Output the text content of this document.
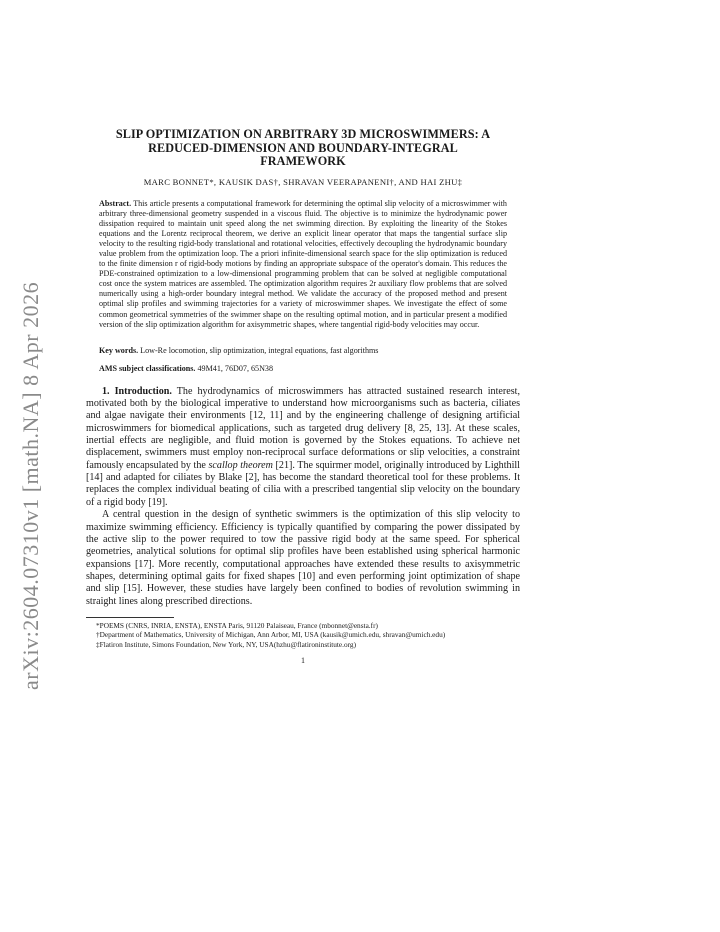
arXiv:2604.07310v1 [math.NA] 8 Apr 2026
SLIP OPTIMIZATION ON ARBITRARY 3D MICROSWIMMERS: A
REDUCED-DIMENSION AND BOUNDARY-INTEGRAL
FRAMEWORK
MARC BONNET*, KAUSIK DAS†, SHRAVAN VEERAPANENI†, AND HAI ZHU‡
Abstract. This article presents a computational framework for determining the optimal slip velocity of a microswimmer with arbitrary three-dimensional geometry suspended in a viscous fluid. The objective is to minimize the hydrodynamic power dissipation required to maintain unit speed along the net swimming direction. By exploiting the linearity of the Stokes equations and the Lorentz reciprocal theorem, we derive an explicit linear operator that maps the tangential surface slip velocity to the resulting rigid-body translational and rotational velocities, effectively decoupling the hydrodynamic boundary value problem from the optimization loop. The a priori infinite-dimensional search space for the slip optimization is reduced to the finite dimension r of rigid-body motions by finding an appropriate subspace of the operator's domain. This reduces the PDE-constrained optimization to a low-dimensional programming problem that can be solved at negligible computational cost once the system matrices are assembled. The optimization algorithm requires 2r auxiliary flow problems that are solved numerically using a high-order boundary integral method. We validate the accuracy of the proposed method and present optimal slip profiles and swimming trajectories for a variety of microswimmer shapes. We investigate the effect of some common geometrical symmetries of the swimmer shape on the resulting optimal motion, and in particular present a modified version of the slip optimization algorithm for axisymmetric shapes, where tangential rigid-body velocities may occur.
Key words. Low-Re locomotion, slip optimization, integral equations, fast algorithms
AMS subject classifications. 49M41, 76D07, 65N38

1. Introduction. The hydrodynamics of microswimmers has attracted sustained research interest, motivated both by the biological imperative to understand how microorganisms such as bacteria, ciliates and algae navigate their environments [12, 11] and by the engineering challenge of designing artificial microswimmers for biomedical applications, such as targeted drug delivery [8, 25, 13]. At these scales, inertial effects are negligible, and fluid motion is governed by the Stokes equations. To achieve net displacement, swimmers must employ non-reciprocal surface deformations or slip velocities, a constraint famously encapsulated by the scallop theorem [21]. The squirmer model, originally introduced by Lighthill [14] and adapted for ciliates by Blake [2], has become the standard theoretical tool for these problems. It replaces the complex individual beating of cilia with a prescribed tangential slip velocity on the boundary of a rigid body [19].

A central question in the design of synthetic swimmers is the optimization of this slip velocity to maximize swimming efficiency. Efficiency is typically quantified by comparing the power dissipated by the active slip to the power required to tow the passive rigid body at the same speed. For spherical geometries, analytical solutions for optimal slip profiles have been established using spherical harmonic expansions [17]. More recently, computational approaches have extended these results to axisymmetric shapes, determining optimal gaits for fixed shapes [10] and even performing joint optimization of shape and slip [15]. However, these studies have largely been confined to bodies of revolution swimming in straight lines along prescribed directions.

*POEMS (CNRS, INRIA, ENSTA), ENSTA Paris, 91120 Palaiseau, France (mbonnet@ensta.fr)
†Department of Mathematics, University of Michigan, Ann Arbor, MI, USA (kausik@umich.edu, shravan@umich.edu)
‡Flatiron Institute, Simons Foundation, New York, NY, USA(hzhu@flatironinstitute.org)
1
